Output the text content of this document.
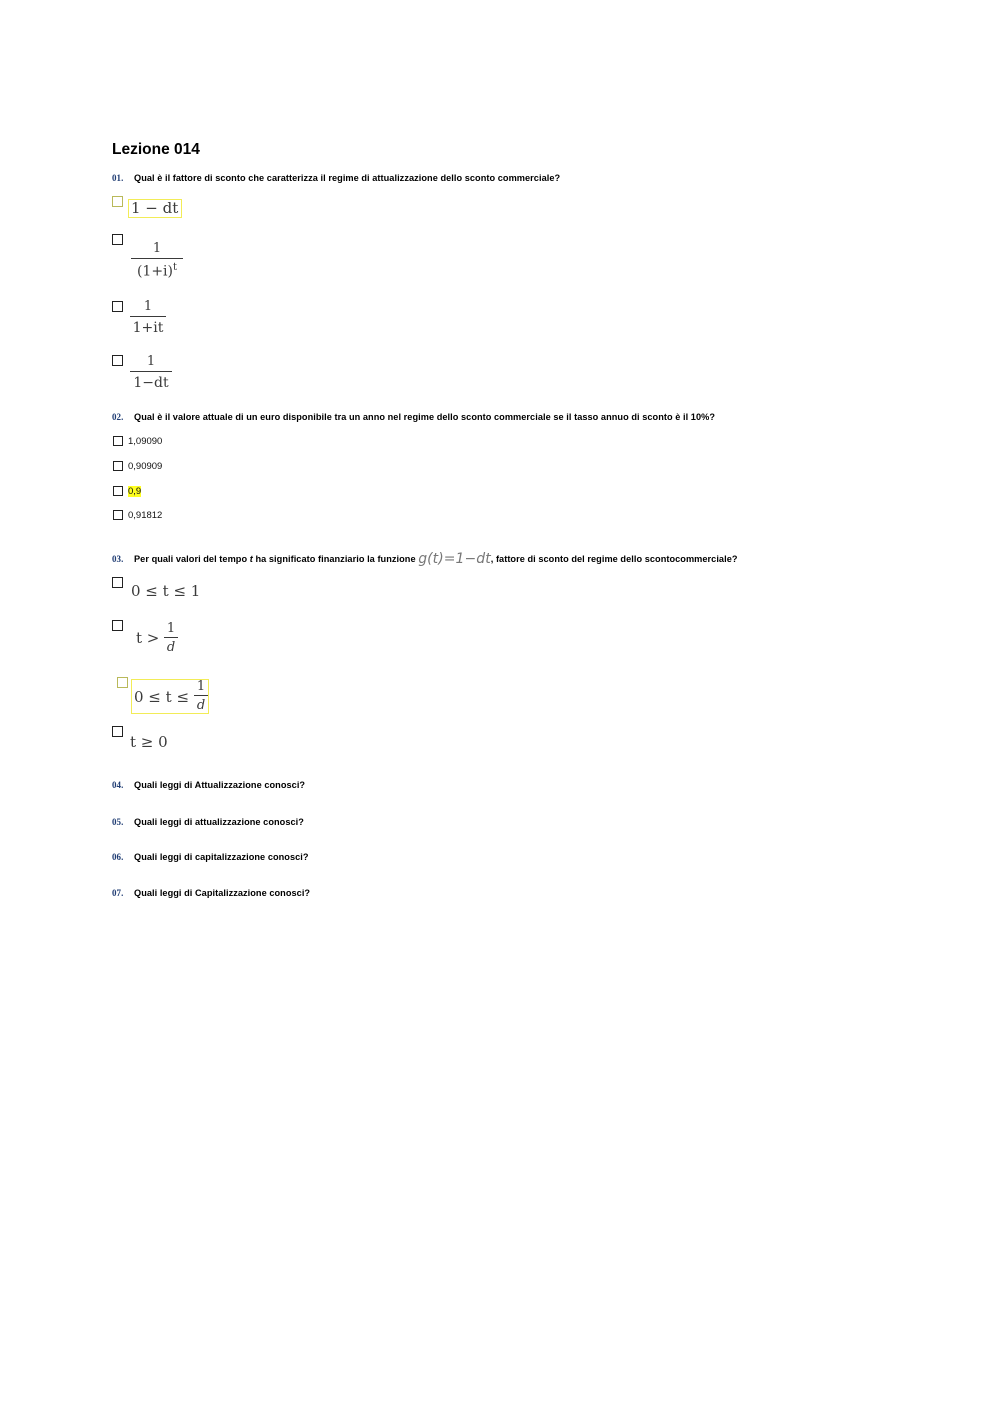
Lezione 014
01. Qual è il fattore di sconto che caratterizza il regime di attualizzazione dello sconto commerciale?
1 − dt
1
$(1+i)^t$
1
1+it
1
1−dt
02. Qual è il valore attuale di un euro disponibile tra un anno nel regime dello sconto commerciale se il tasso annuo di sconto è il 10%?
1,09090
0,90909
0,9
0,91812
03. Per quali valori del tempo t ha significato finanziario la funzione g(t)=1−dt, fattore di sconto del regime dello scontocommerciale?
0 ≤ t ≤ 1
t >
1
d
0 ≤ t ≤
1
d
t ≥ 0
04. Quali leggi di Attualizzazione conosci?
05. Quali leggi di attualizzazione conosci?
06. Quali leggi di capitalizzazione conosci?
07. Quali leggi di Capitalizzazione conosci?
